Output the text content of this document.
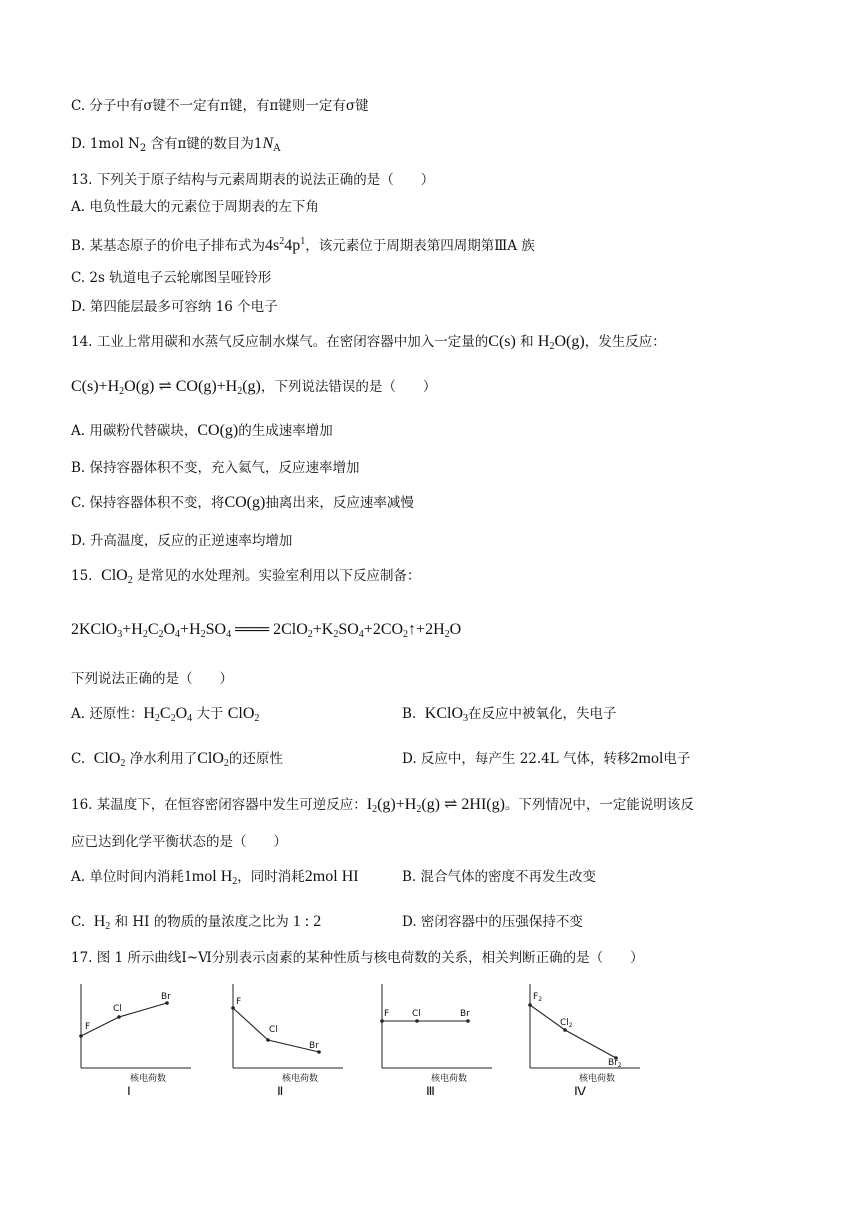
C. 分子中有σ键不一定有π键，有π键则一定有σ键
D. 1mol $N_2$ 含有π键的数目为$1N_A$
13. 下列关于原子结构与元素周期表的说法正确的是（　　）
A. 电负性最大的元素位于周期表的左下角
B. 某基态原子的价电子排布式为$4s^24p^1$，该元素位于周期表第四周期第ⅢA 族
C. 2s 轨道电子云轮廓图呈哑铃形
D. 第四能层最多可容纳 16 个电子
14. 工业上常用碳和水蒸气反应制水煤气。在密闭容器中加入一定量的C(s) 和 $H_2O(g)$，发生反应：
$C(s)+H_2O(g)$ ⇌ $CO(g)+H_2(g)$，下列说法错误的是（　　）
A. 用碳粉代替碳块，CO(g)的生成速率增加
B. 保持容器体积不变，充入氦气，反应速率增加
C. 保持容器体积不变，将CO(g)抽离出来，反应速率减慢
D. 升高温度，反应的正逆速率均增加
15.  ClO$_2$ 是常见的水处理剂。实验室利用以下反应制备：
$2KClO_3+H_2C_2O_4+H_2SO_4$ ═══ $2ClO_2+K_2SO_4+2CO_2↑+2H_2O$
下列说法正确的是（　　）
A. 还原性：$H_2C_2O_4$ 大于 ClO$_2$	B.  KClO$_3$在反应中被氧化，失电子
C.  ClO$_2$ 净水利用了ClO$_2$的还原性	D. 反应中，每产生 22.4L 气体，转移2mol电子
16. 某温度下，在恒容密闭容器中发生可逆反应：$I_2(g)+H_2(g)$ ⇌ 2HI(g)。下列情况中，一定能说明该反
应已达到化学平衡状态的是（　　）
A. 单位时间内消耗1mol $H_2$，同时消耗2mol HI	B. 混合气体的密度不再发生改变
C.  $H_2$ 和 HI 的物质的量浓度之比为 1 : 2	D. 密闭容器中的压强保持不变
17. 图 1 所示曲线Ⅰ~Ⅵ分别表示卤素的某种性质与核电荷数的关系，相关判断正确的是（　　）
F
Cl
Br
核电荷数
Ⅰ
F
Cl
Br
核电荷数
Ⅱ
F	Cl	Br
核电荷数
Ⅲ
$F_2$
$Cl_2$
$Br_2$
核电荷数
Ⅳ
